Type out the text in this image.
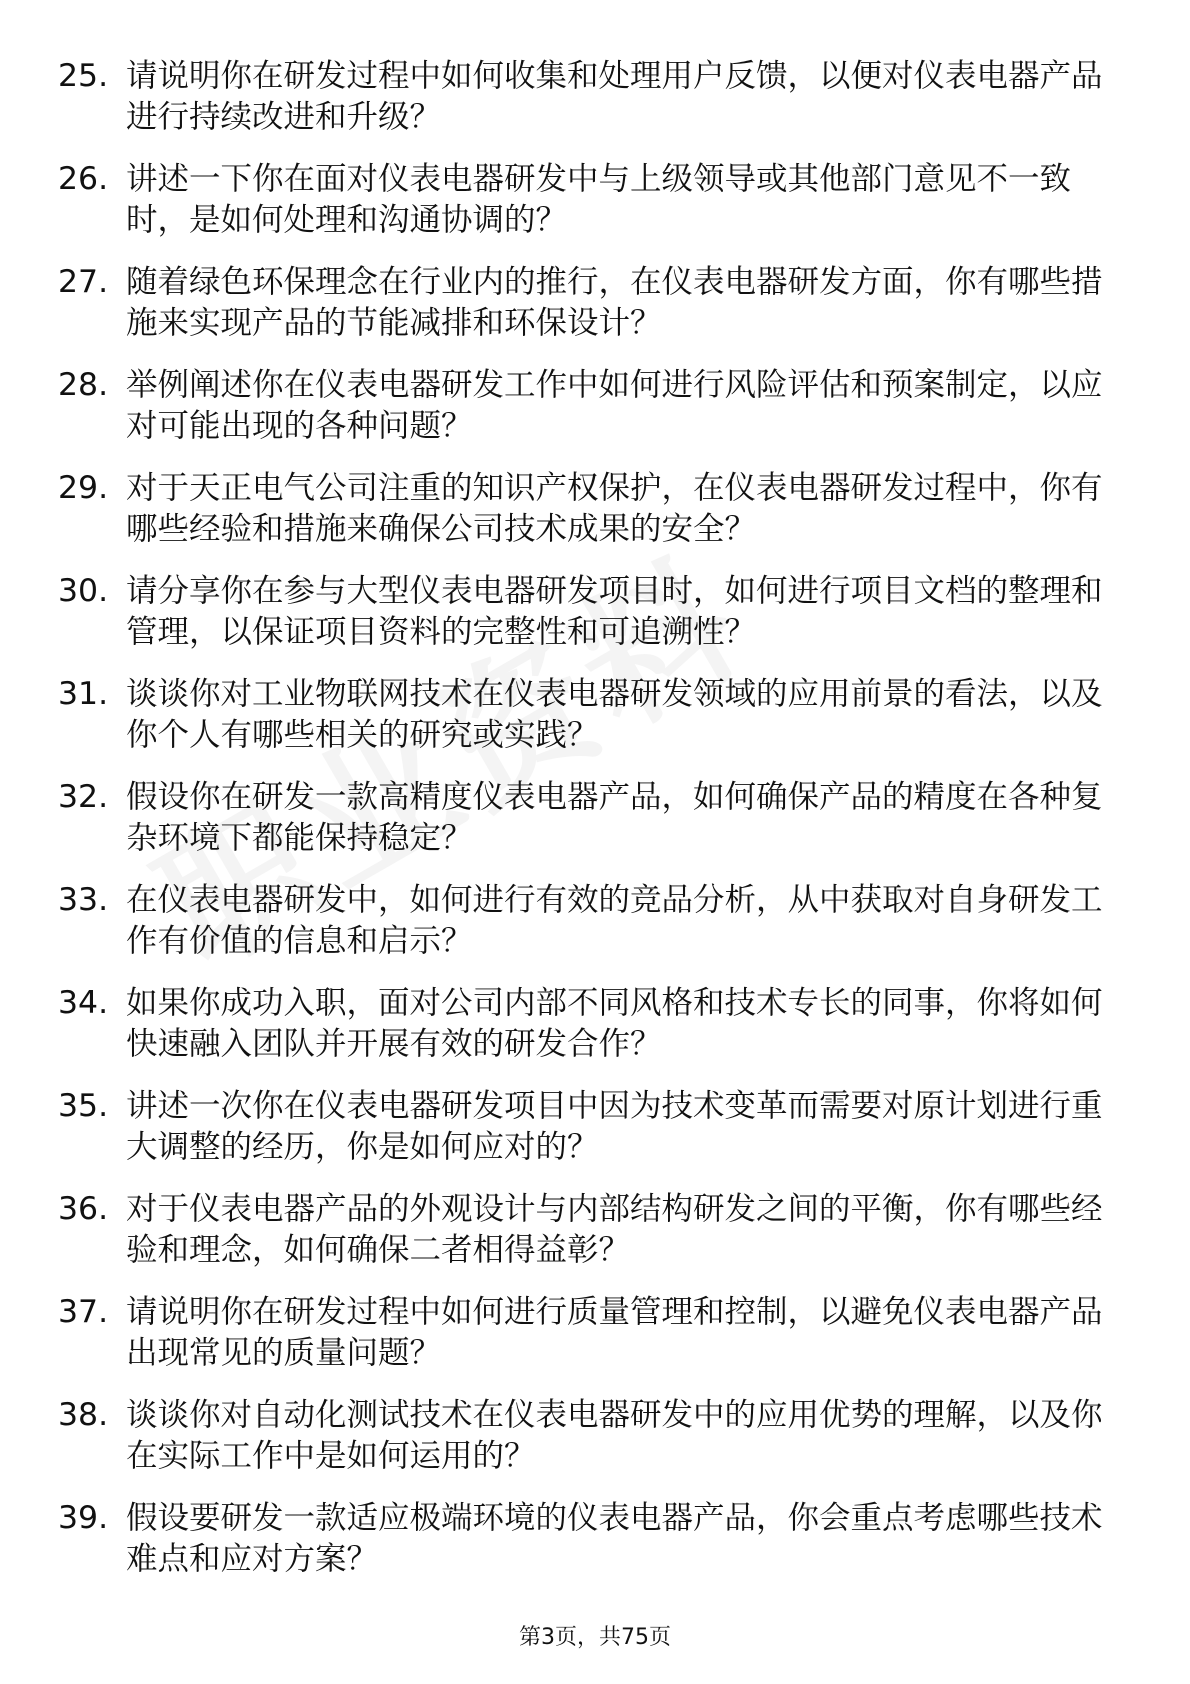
25. 请说明你在研发过程中如何收集和处理用户反馈，以便对仪表电器产品进行持续改进和升级？
26. 讲述一下你在面对仪表电器研发中与上级领导或其他部门意见不一致时，是如何处理和沟通协调的？
27. 随着绿色环保理念在行业内的推行，在仪表电器研发方面，你有哪些措施来实现产品的节能减排和环保设计？
28. 举例阐述你在仪表电器研发工作中如何进行风险评估和预案制定，以应对可能出现的各种问题？
29. 对于天正电气公司注重的知识产权保护，在仪表电器研发过程中，你有哪些经验和措施来确保公司技术成果的安全？
30. 请分享你在参与大型仪表电器研发项目时，如何进行项目文档的整理和管理，以保证项目资料的完整性和可追溯性？
31. 谈谈你对工业物联网技术在仪表电器研发领域的应用前景的看法，以及你个人有哪些相关的研究或实践？
32. 假设你在研发一款高精度仪表电器产品，如何确保产品的精度在各种复杂环境下都能保持稳定？
33. 在仪表电器研发中，如何进行有效的竞品分析，从中获取对自身研发工作有价值的信息和启示？
34. 如果你成功入职，面对公司内部不同风格和技术专长的同事，你将如何快速融入团队并开展有效的研发合作？
35. 讲述一次你在仪表电器研发项目中因为技术变革而需要对原计划进行重大调整的经历，你是如何应对的？
36. 对于仪表电器产品的外观设计与内部结构研发之间的平衡，你有哪些经验和理念，如何确保二者相得益彰？
37. 请说明你在研发过程中如何进行质量管理和控制，以避免仪表电器产品出现常见的质量问题？
38. 谈谈你对自动化测试技术在仪表电器研发中的应用优势的理解，以及你在实际工作中是如何运用的？
39. 假设要研发一款适应极端环境的仪表电器产品，你会重点考虑哪些技术难点和应对方案？
第3页，共75页
